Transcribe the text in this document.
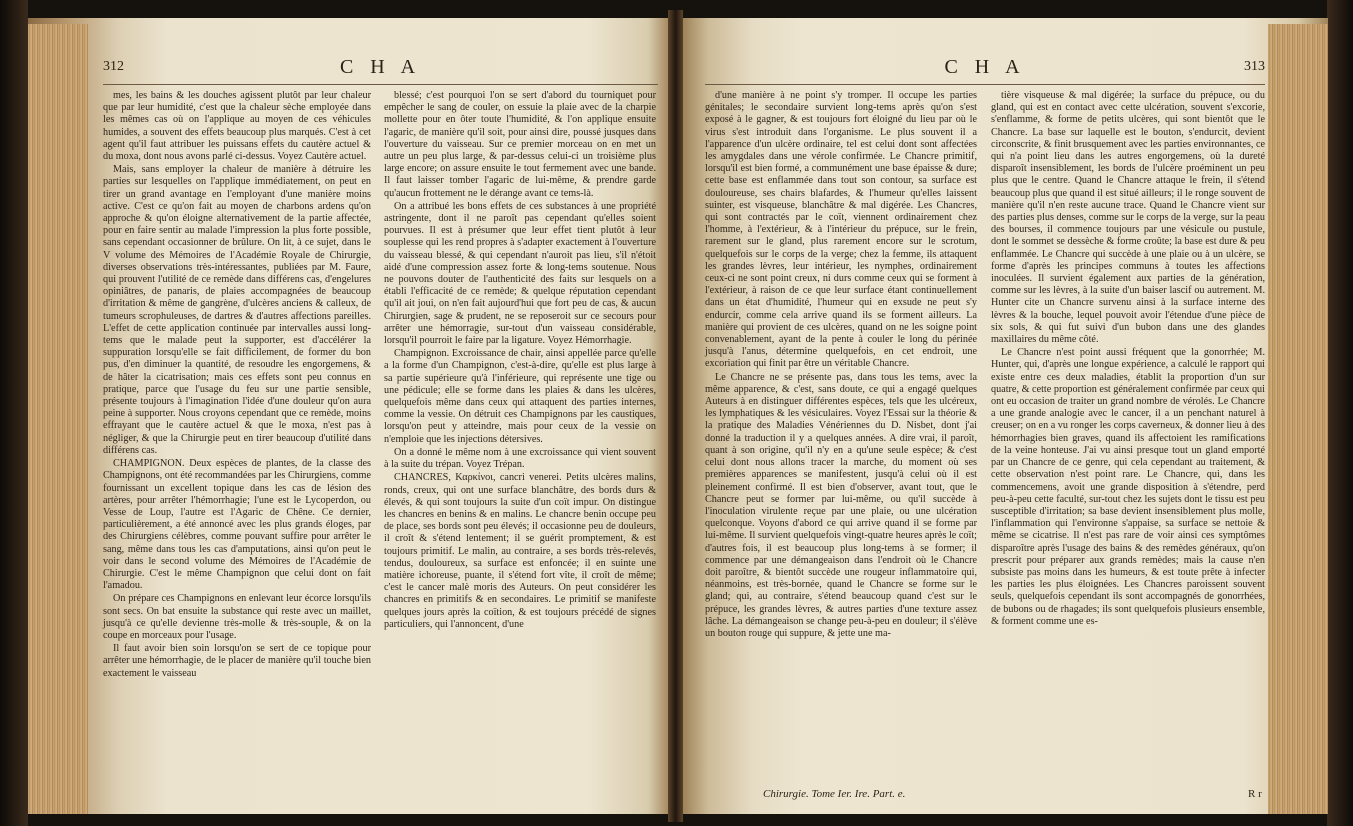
312	C H A

mes, les bains & les douches agissent plutôt par leur chaleur que par leur humidité, c'est que la chaleur sèche employée dans les mêmes cas où on l'applique au moyen de ces véhicules humides, a souvent des effets beaucoup plus marqués. C'est à cet agent qu'il faut attribuer les puissans effets du cautère actuel & du moxa, dont nous avons parlé ci-dessus. Voyez Cautère actuel.

Mais, sans employer la chaleur de manière à détruire les parties sur lesquelles on l'applique immédiatement, on peut en tirer un grand avantage en l'employant d'une manière moins active. C'est ce qu'on fait au moyen de charbons ardens qu'on approche & qu'on éloigne alternativement de la partie affectée, pour en faire sentir au malade l'impression la plus forte possible, sans cependant occasionner de brûlure. On lit, à ce sujet, dans le V volume des Mémoires de l'Académie Royale de Chirurgie, diverses observations très-intéressantes, publiées par M. Faure, qui prouvent l'utilité de ce remède dans différens cas, d'engelures opiniâtres, de panaris, de plaies accompagnées de beaucoup d'irritation & même de gangrène, d'ulcères anciens & calleux, de tumeurs scrophuleuses, de dartres & d'autres affections pareilles. L'effet de cette application continuée par intervalles aussi long-tems que le malade peut la supporter, est d'accélérer la suppuration lorsqu'elle se fait difficilement, de former du bon pus, d'en diminuer la quantité, de resoudre les engorgemens, & de hâter la cicatrisation; mais ces effets sont peu connus en pratique, parce que l'usage du feu sur une partie sensible, présente toujours à l'imagination l'idée d'une douleur qu'on aura peine à supporter. Nous croyons cependant que ce remède, moins effrayant que le cautère actuel & que le moxa, n'est pas à négliger, & que la Chirurgie peut en tirer beaucoup d'utilité dans différens cas.

CHAMPIGNON. Deux espèces de plantes, de la classe des Champignons, ont été recommandées par les Chirurgiens, comme fournissant un excellent topique dans les cas de lésion des artères, pour arrêter l'hémorrhagie; l'une est le Lycoperdon, ou Vesse de Loup, l'autre est l'Agaric de Chêne. Ce dernier, particulièrement, a été annoncé avec les plus grands éloges, par des Chirurgiens célèbres, comme pouvant suffire pour arrêter le sang, même dans tous les cas d'amputations, ainsi qu'on peut le voir dans le second volume des Mémoires de l'Académie de Chirurgie. C'est le même Champignon que celui dont on fait l'amadou.

On prépare ces Champignons en enlevant leur écorce lorsqu'ils sont secs. On bat ensuite la substance qui reste avec un maillet, jusqu'à ce qu'elle devienne très-molle & très-souple, & on la coupe en morceaux pour l'usage.

Il faut avoir bien soin lorsqu'on se sert de ce topique pour arrêter une hémorrhagie, de le placer de manière qu'il touche bien exactement le vaisseau

blessé; c'est pourquoi l'on se sert d'abord du tourniquet pour empêcher le sang de couler, on essuie la plaie avec de la charpie mollette pour en ôter toute l'humidité, & l'on applique ensuite l'agaric, de manière qu'il soit, pour ainsi dire, poussé jusques dans l'ouverture du vaisseau. Sur ce premier morceau on en met un autre un peu plus large, & par-dessus celui-ci un troisième plus large encore; on assure ensuite le tout fermement avec une bande. Il faut laisser tomber l'agaric de lui-même, & prendre garde qu'aucun frottement ne le dérange avant ce tems-là.

On a attribué les bons effets de ces substances à une propriété astringente, dont il ne paroît pas cependant qu'elles soient pourvues. Il est à présumer que leur effet tient plutôt à leur souplesse qui les rend propres à s'adapter exactement à l'ouverture du vaisseau blessé, & qui cependant n'auroit pas lieu, s'il n'étoit aidé d'une compression assez forte & long-tems soutenue. Nous ne pouvons douter de l'authenticité des faits sur lesquels on a établi l'efficacité de ce remède; & quelque réputation cependant qu'il ait joui, on n'en fait aujourd'hui que fort peu de cas, & aucun Chirurgien, sage & prudent, ne se reposeroit sur ce secours pour arrêter une hémorragie, sur-tout d'un vaisseau considérable, lorsqu'il pourroit le faire par la ligature. Voyez Hémorrhagie.

Champignon. Excroissance de chair, ainsi appellée parce qu'elle a la forme d'un Champignon, c'est-à-dire, qu'elle est plus large à sa partie supérieure qu'à l'inférieure, qui représente une tige ou une pédicule; elle se forme dans les plaies & dans les ulcères, quelquefois même dans ceux qui attaquent des parties internes, comme la vessie. On détruit ces Champignons par les caustiques, lorsqu'on peut y atteindre, mais pour ceux de la vessie on n'emploie que les injections détersives.

On a donné le même nom à une excroissance qui vient souvent à la suite du trépan. Voyez Trépan.

CHANCRES, Καρκίνοι, cancri venerei. Petits ulcères malins, ronds, creux, qui ont une surface blanchâtre, des bords durs & élevés, & qui sont toujours la suite d'un coït impur. On distingue les chancres en benins & en malins. Le chancre benin occupe peu de place, ses bords sont peu élevés; il occasionne peu de douleurs, il croît & s'étend lentement; il se guérit promptement, & est toujours primitif. Le malin, au contraire, a ses bords très-relevés, tendus, douloureux, sa surface est enfoncée; il en suinte une matière ichoreuse, puante, il s'étend fort vîte, il croît de même; c'est le cancer malè moris des Auteurs. On peut considérer les chancres en primitifs & en secondaires. Le primitif se manifeste quelques jours après la coïtion, & est toujours précédé de signes particuliers, qui l'annoncent, d'une

C H A	313

d'une manière à ne point s'y tromper. Il occupe les parties génitales; le secondaire survient long-tems après qu'on s'est exposé à le gagner, & est toujours fort éloigné du lieu par où le virus s'est introduit dans l'organisme. Le plus souvent il a l'apparence d'un ulcère ordinaire, tel est celui dont sont affectées les amygdales dans une vérole confirmée. Le Chancre primitif, lorsqu'il est bien formé, a communément une base épaisse & dure; cette base est enflammée dans tout son contour, sa surface est douloureuse, ses chairs blafardes, & l'humeur qu'elles laissent suinter, est visqueuse, blanchâtre & mal digérée. Les Chancres, qui sont contractés par le coït, viennent ordinairement chez l'homme, à l'extérieur, & à l'intérieur du prépuce, sur le frein, rarement sur le gland, plus rarement encore sur le scrotum, quelquefois sur le corps de la verge; chez la femme, ils attaquent les grandes lèvres, leur intérieur, les nymphes, ordinairement ceux-ci ne sont point creux, ni durs comme ceux qui se forment à l'extérieur, à raison de ce que leur surface étant continuellement dans un état d'humidité, l'humeur qui en exsude ne peut s'y endurcir, comme cela arrive quand ils se forment ailleurs. La manière qui provient de ces ulcères, quand on ne les soigne point convenablement, ayant de la pente à couler le long du périnée jusqu'à l'anus, détermine quelquefois, en cet endroit, une excoriation qui finit par être un véritable Chancre.

Le Chancre ne se présente pas, dans tous les tems, avec la même apparence, & c'est, sans doute, ce qui a engagé quelques Auteurs à en distinguer différentes espèces, tels que les ulcéreux, les lymphatiques & les vésiculaires. Voyez l'Essai sur la théorie & la pratique des Maladies Vénériennes du D. Nisbet, dont j'ai donné la traduction il y a quelques années. A dire vrai, il paroît, quant à son origine, qu'il n'y en a qu'une seule espèce; & c'est celui dont nous allons tracer la marche, du moment où ses premières apparences se manifestent, jusqu'à celui où il est pleinement confirmé. Il est bien d'observer, avant tout, que le Chancre peut se former par lui-même, ou qu'il succède à l'inoculation virulente reçue par une plaie, ou une ulcération quelconque. Voyons d'abord ce qui arrive quand il se forme par lui-même. Il survient quelquefois vingt-quatre heures après le coït; d'autres fois, il est beaucoup plus long-tems à se former; il commence par une démangeaison dans l'endroit où le Chancre doit paroître, & bientôt succède une rougeur inflammatoire qui, néanmoins, est très-bornée, quand le Chancre se forme sur le gland; qui, au contraire, s'étend beaucoup quand c'est sur le prépuce, les grandes lèvres, & autres parties d'une texture assez lâche. La démangeaison se change peu-à-peu en douleur; il s'élève un bouton rouge qui suppure, & jette une ma-

tière visqueuse & mal digérée; la surface du prépuce, ou du gland, qui est en contact avec cette ulcération, souvent s'excorie, s'enflamme, & forme de petits ulcères, qui sont bientôt que le Chancre. La base sur laquelle est le bouton, s'endurcit, devient circonscrite, & finit brusquement avec les parties environnantes, ce qui n'a point lieu dans les autres engorgemens, où la dureté disparoît insensiblement, les bords de l'ulcère proéminent un peu plus que le centre. Quand le Chancre attaque le frein, il s'étend beaucoup plus que quand il est situé ailleurs; il le ronge souvent de manière qu'il n'en reste aucune trace. Quand le Chancre vient sur des parties plus denses, comme sur le corps de la verge, sur la peau des bourses, il commence toujours par une vésicule ou pustule, dont le sommet se dessèche & forme croûte; la base est dure & peu enflammée. Le Chancre qui succède à une plaie ou à un ulcère, se forme d'après les principes communs à toutes les affections inoculées. Il survient également aux parties de la génération, comme sur les lèvres, à la suite d'un baiser lascif ou autrement. M. Hunter cite un Chancre survenu ainsi à la surface interne des lèvres & la bouche, lequel pouvoit avoir l'étendue d'une pièce de six sols, & qui fut suivi d'un bubon dans une des glandes maxillaires du même côté.

Le Chancre n'est point aussi fréquent que la gonorrhée; M. Hunter, qui, d'après une longue expérience, a calculé le rapport qui existe entre ces deux maladies, établit la proportion d'un sur quatre, & cette proportion est généralement confirmée par ceux qui ont eu occasion de traiter un grand nombre de vérolés. Le Chancre a une grande analogie avec le cancer, il a un penchant naturel à creuser; on en a vu ronger les corps caverneux, & donner lieu à des hémorrhagies bien graves, quand ils affectoient les ramifications de la veine honteuse. J'ai vu ainsi presque tout un gland emporté par un Chancre de ce genre, qui cela cependant au traitement, & cette observation n'est point rare. Le Chancre, qui, dans les commencemens, avoit une grande disposition à s'étendre, perd peu-à-peu cette faculté, sur-tout chez les sujets dont le tissu est peu susceptible d'irritation; sa base devient insensiblement plus molle, l'inflammation qui l'environne s'appaise, sa surface se nettoie & même se cicatrise. Il n'est pas rare de voir ainsi ces symptômes disparoître après l'usage des bains & des remèdes généraux, qu'on prescrit pour préparer aux grands remèdes; mais la cause n'en subsiste pas moins dans les humeurs, & est toute prête à infecter les parties les plus éloignées. Les Chancres paroissent souvent seuls, quelquefois cependant ils sont accompagnés de gonorrhées, de bubons ou de rhagades; ils sont quelquefois plusieurs ensemble, & forment comme une es-

Chirurgie. Tome Ier. Ire. Part. e.	R r
